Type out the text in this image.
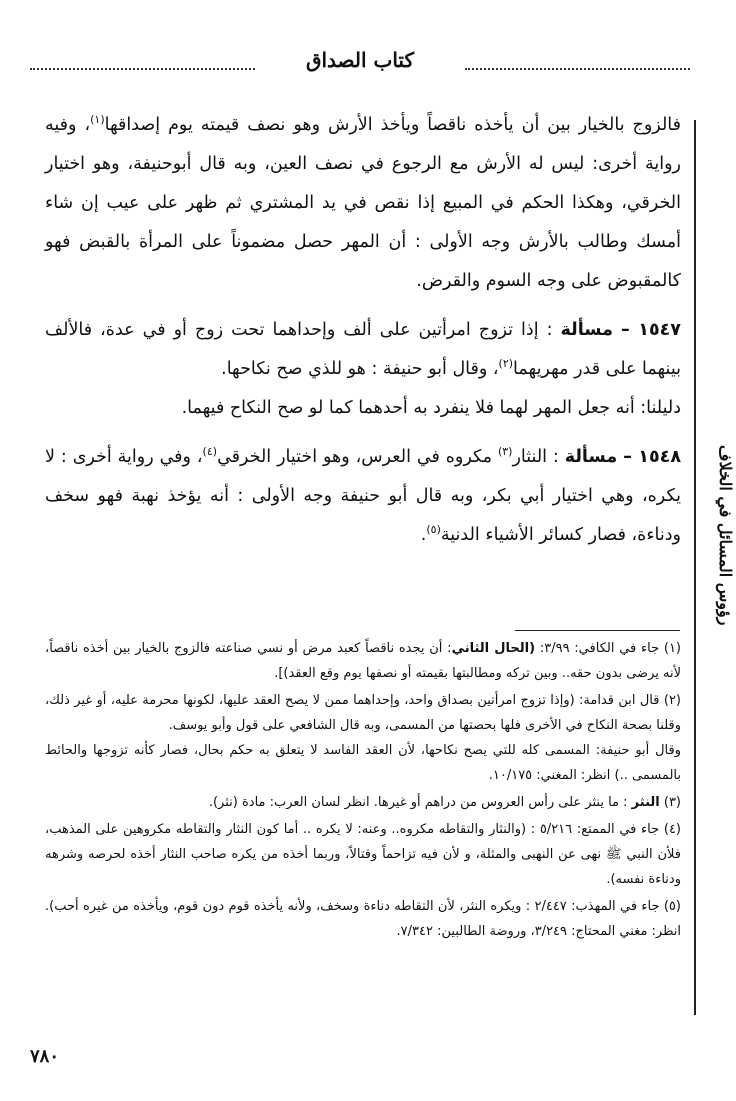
كتاب الصداق
رؤوس المسائل في الخلاف

فالزوج بالخيار بين أن يأخذه ناقصاً ويأخذ الأرش وهو نصف قيمته يوم إصداقها$^{(١)}$، وفيه رواية أخرى: ليس له الأرش مع الرجوع في نصف العين، وبه قال أبوحنيفة، وهو اختيار الخرقي، وهكذا الحكم في المبيع إذا نقص في يد المشتري ثم ظهر على عيب إن شاء أمسك وطالب بالأرش وجه الأولى : أن المهر حصل مضموناً على المرأة بالقبض فهو كالمقبوض على وجه السوم والقرض.

١٥٤٧ – مسألة : إذا تزوج امرأتين على ألف وإحداهما تحت زوج أو في عدة، فالألف بينهما على قدر مهريهما$^{(٢)}$، وقال أبو حنيفة : هو للذي صح نكاحها.
دليلنا: أنه جعل المهر لهما فلا ينفرد به أحدهما كما لو صح النكاح فيهما.

١٥٤٨ – مسألة : النثار$^{(٣)}$ مكروه في العرس، وهو اختيار الخرقي$^{(٤)}$، وفي رواية أخرى : لا يكره، وهي اختيار أبي بكر، وبه قال أبو حنيفة وجه الأولى : أنه يؤخذ نهبة فهو سخف ودناءة، فصار كسائر الأشياء الدنية$^{(٥)}$.

(١) جاء في الكافي: ٣/٩٩: (الحال الثاني: أن يجده ناقصاً كعبد مرض أو نسي صناعته فالزوج بالخيار بين أخذه ناقصاً، لأنه يرضى بدون حقه.. وبين تركه ومطالبتها بقيمته أو نصفها يوم وقع العقد)].

(٢) قال ابن قدامة: (وإذا تزوج امرأتين بصداق واحد، وإحداهما ممن لا يصح العقد عليها، لكونها محرمة عليه، أو غير ذلك، وقلنا بصحة النكاح في الأخرى فلها بحصتها من المسمى، وبه قال الشافعي على قول وأبو يوسف.
وقال أبو حنيفة: المسمى كله للتي يصح نكاحها، لأن العقد الفاسد لا يتعلق به حكم بحال، فصار كأنه تزوجها والحائط بالمسمى ..) انظر: المغني: ١٠/١٧٥.

(٣) النثر : ما ينثر على رأس العروس من دراهم أو غيرها. انظر لسان العرب: مادة (نثر).

(٤) جاء في الممتع: ٥/٢١٦ : (والنثار والتقاطه مكروه.. وعنه: لا يكره .. أما كون النثار والتقاطه مكروهين على المذهب، فلأن النبي ﷺ نهى عن النهبى والمثلة، و لأن فيه تزاحماً وقتالاً، وربما أخذه من يكره صاحب النثار أخذه لحرصه وشرهه ودناءة نفسه).

(٥) جاء في المهذب: ٢/٤٤٧ : ويكره النثر، لأن التقاطه دناءة وسخف، ولأنه يأخذه قوم دون قوم، ويأخذه من غيره أحب). انظر: مغني المحتاج: ٣/٢٤٩، وروضة الطالبين: ٧/٣٤٢.

٧٨٠
